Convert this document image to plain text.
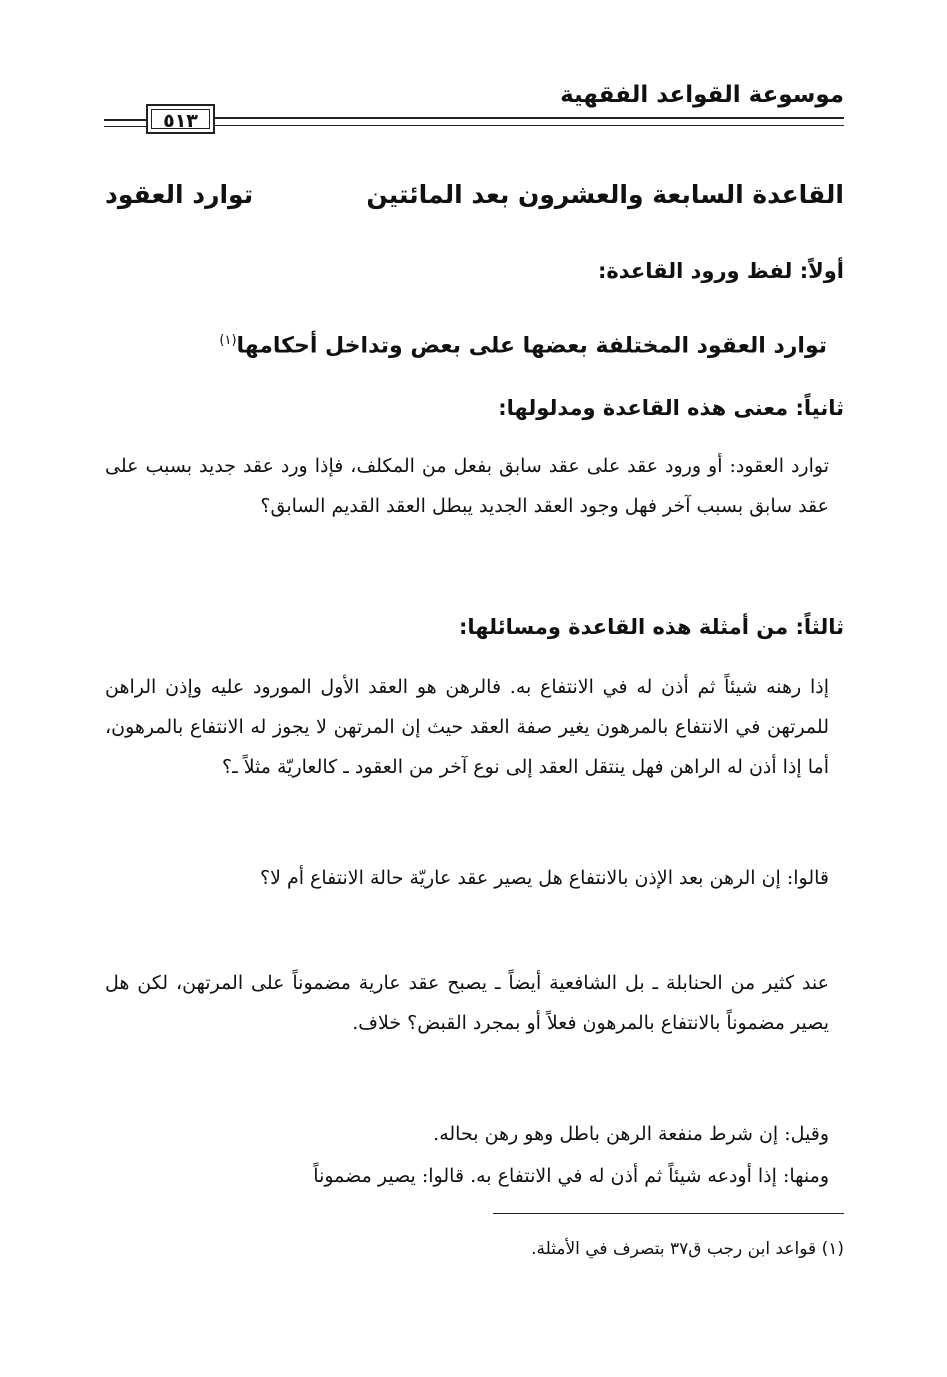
موسوعة القواعد الفقهية
٥١٣
القاعدة السابعة والعشرون بعد المائتين
توارد العقود
أولاً: لفظ ورود القاعدة:
توارد العقود المختلفة بعضها على بعض وتداخل أحكامها$^{(١)}$
ثانياً: معنى هذه القاعدة ومدلولها:
توارد العقود: أو ورود عقد على عقد سابق بفعل من المكلف، فإذا ورد عقد جديد بسبب على عقد سابق بسبب آخر فهل وجود العقد الجديد يبطل العقد القديم السابق؟
ثالثاً: من أمثلة هذه القاعدة ومسائلها:
إذا رهنه شيئاً ثم أذن له في الانتفاع به. فالرهن هو العقد الأول المورود عليه وإذن الراهن للمرتهن في الانتفاع بالمرهون يغير صفة العقد حيث إن المرتهن لا يجوز له الانتفاع بالمرهون، أما إذا أذن له الراهن فهل ينتقل العقد إلى نوع آخر من العقود ـ كالعاريّة مثلاً ـ؟
قالوا: إن الرهن بعد الإذن بالانتفاع هل يصير عقد عاريّة حالة الانتفاع أم لا؟
عند كثير من الحنابلة ـ بل الشافعية أيضاً ـ يصبح عقد عارية مضموناً على المرتهن، لكن هل يصير مضموناً بالانتفاع بالمرهون فعلاً أو بمجرد القبض؟ خلاف.
وقيل: إن شرط منفعة الرهن باطل وهو رهن بحاله.
ومنها: إذا أودعه شيئاً ثم أذن له في الانتفاع به. قالوا: يصير مضموناً
(١) قواعد ابن رجب ق٣٧ بتصرف في الأمثلة.
